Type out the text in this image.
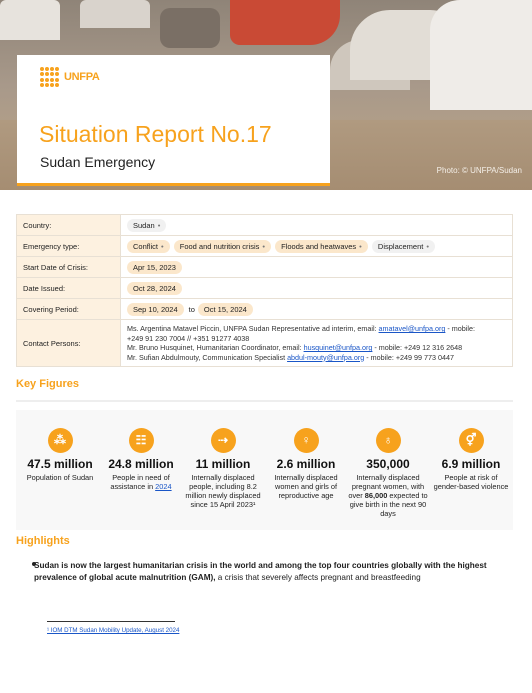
Photo: © UNFPA/Sudan
UNFPA
Situation Report No.17
Sudan Emergency
Country:	Sudan •
Emergency type:	Conflict • Food and nutrition crisis • Floods and heatwaves • Displacement •
Start Date of Crisis:	Apr 15, 2023
Date Issued:	Oct 28, 2024
Covering Period:	Sep 10, 2024 to Oct 15, 2024
Contact Persons:	Ms. Argentina Matavel Piccin, UNFPA Sudan Representative ad interim, email: amatavel@unfpa.org - mobile:
+249 91 230 7004 // +351 91277 4038
Mr. Bruno Husquinet, Humanitarian Coordinator, email: husquinet@unfpa.org - mobile: +249 12 316 2648
Mr. Sufian Abdulmouty, Communication Specialist abdul-mouty@unfpa.org - mobile: +249 99 773 0447
Key Figures
⁂
47.5 million
Population of Sudan
☷
24.8 million
People in need of assistance in 2024
⇢
11 million
Internally displaced people, including 8.2 million newly displaced since 15 April 2023¹
♀
2.6 million
Internally displaced women and girls of reproductive age
♁
350,000
Internally displaced pregnant women, with over 86,000 expected to give birth in the next 90 days
⚥
6.9 million
People at risk of gender-based violence
Highlights
Sudan is now the largest humanitarian crisis in the world and among the top four countries globally with the highest prevalence of global acute malnutrition (GAM), a crisis that severely affects pregnant and breastfeeding
¹ IOM DTM Sudan Mobility Update, August 2024
